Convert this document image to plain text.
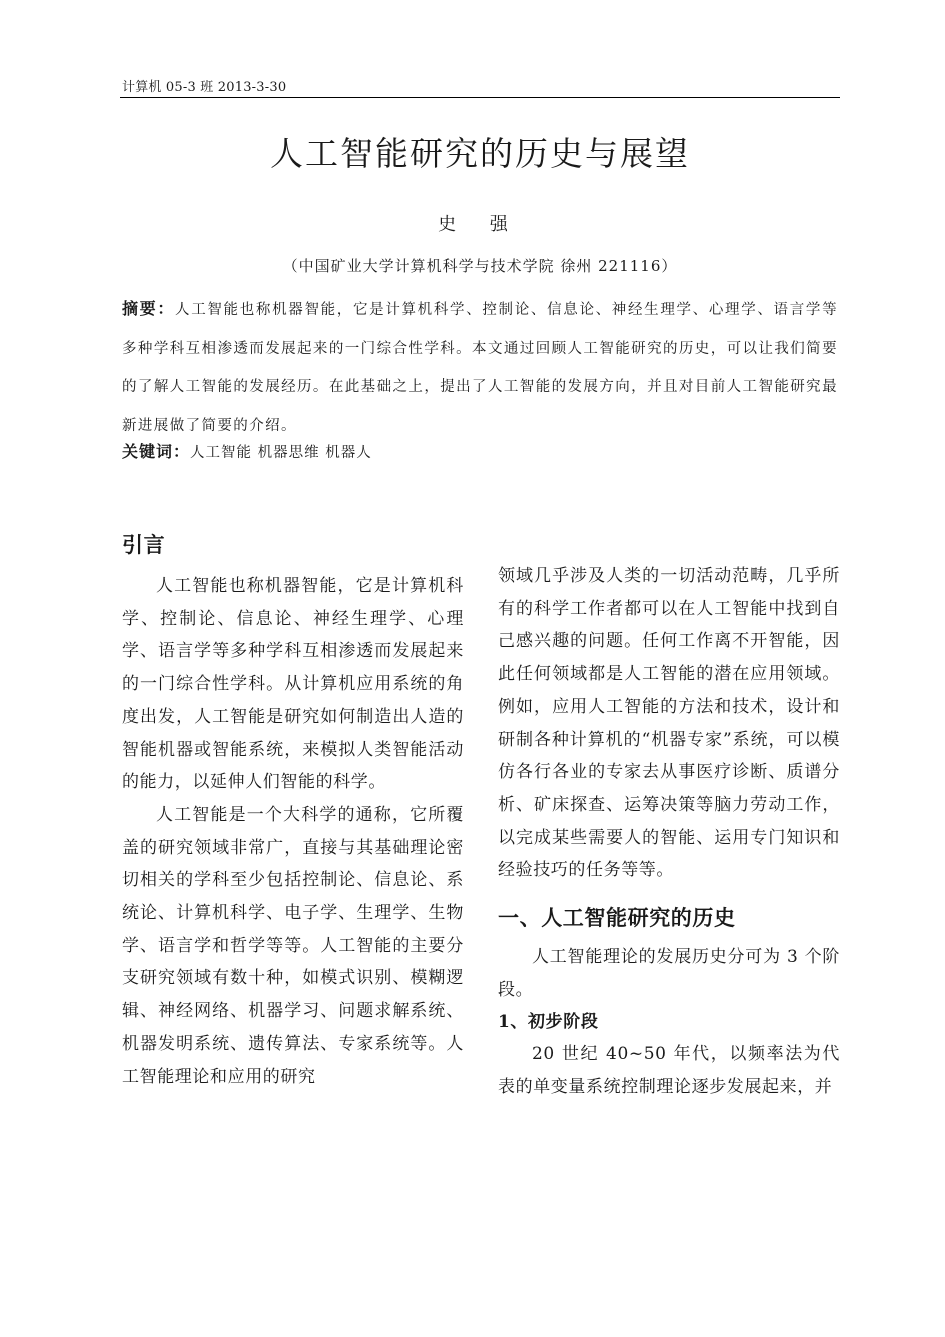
计算机 05-3 班 2013-3-30
人工智能研究的历史与展望
史 强
（中国矿业大学计算机科学与技术学院 徐州 221116）

摘要：人工智能也称机器智能，它是计算机科学、控制论、信息论、神经生理学、心理学、语言学等多种学科互相渗透而发展起来的一门综合性学科。本文通过回顾人工智能研究的历史，可以让我们简要的了解人工智能的发展经历。在此基础之上，提出了人工智能的发展方向，并且对目前人工智能研究最新进展做了简要的介绍。

关键词：人工智能 机器思维 机器人
引言

人工智能也称机器智能，它是计算机科学、控制论、信息论、神经生理学、心理学、语言学等多种学科互相渗透而发展起来的一门综合性学科。从计算机应用系统的角度出发，人工智能是研究如何制造出人造的智能机器或智能系统，来模拟人类智能活动的能力，以延伸人们智能的科学。

人工智能是一个大科学的通称，它所覆盖的研究领域非常广，直接与其基础理论密切相关的学科至少包括控制论、信息论、系统论、计算机科学、电子学、生理学、生物学、语言学和哲学等等。人工智能的主要分支研究领域有数十种，如模式识别、模糊逻辑、神经网络、机器学习、问题求解系统、机器发明系统、遗传算法、专家系统等。人工智能理论和应用的研究

领域几乎涉及人类的一切活动范畴，几乎所有的科学工作者都可以在人工智能中找到自己感兴趣的问题。任何工作离不开智能，因此任何领域都是人工智能的潜在应用领域。例如，应用人工智能的方法和技术，设计和研制各种计算机的“机器专家”系统，可以模仿各行各业的专家去从事医疗诊断、质谱分析、矿床探查、运筹决策等脑力劳动工作，以完成某些需要人的智能、运用专门知识和经验技巧的任务等等。

一、人工智能研究的历史

人工智能理论的发展历史分可为 3 个阶段。

1、初步阶段

20 世纪 40~50 年代，以频率法为代表的单变量系统控制理论逐步发展起来，并
